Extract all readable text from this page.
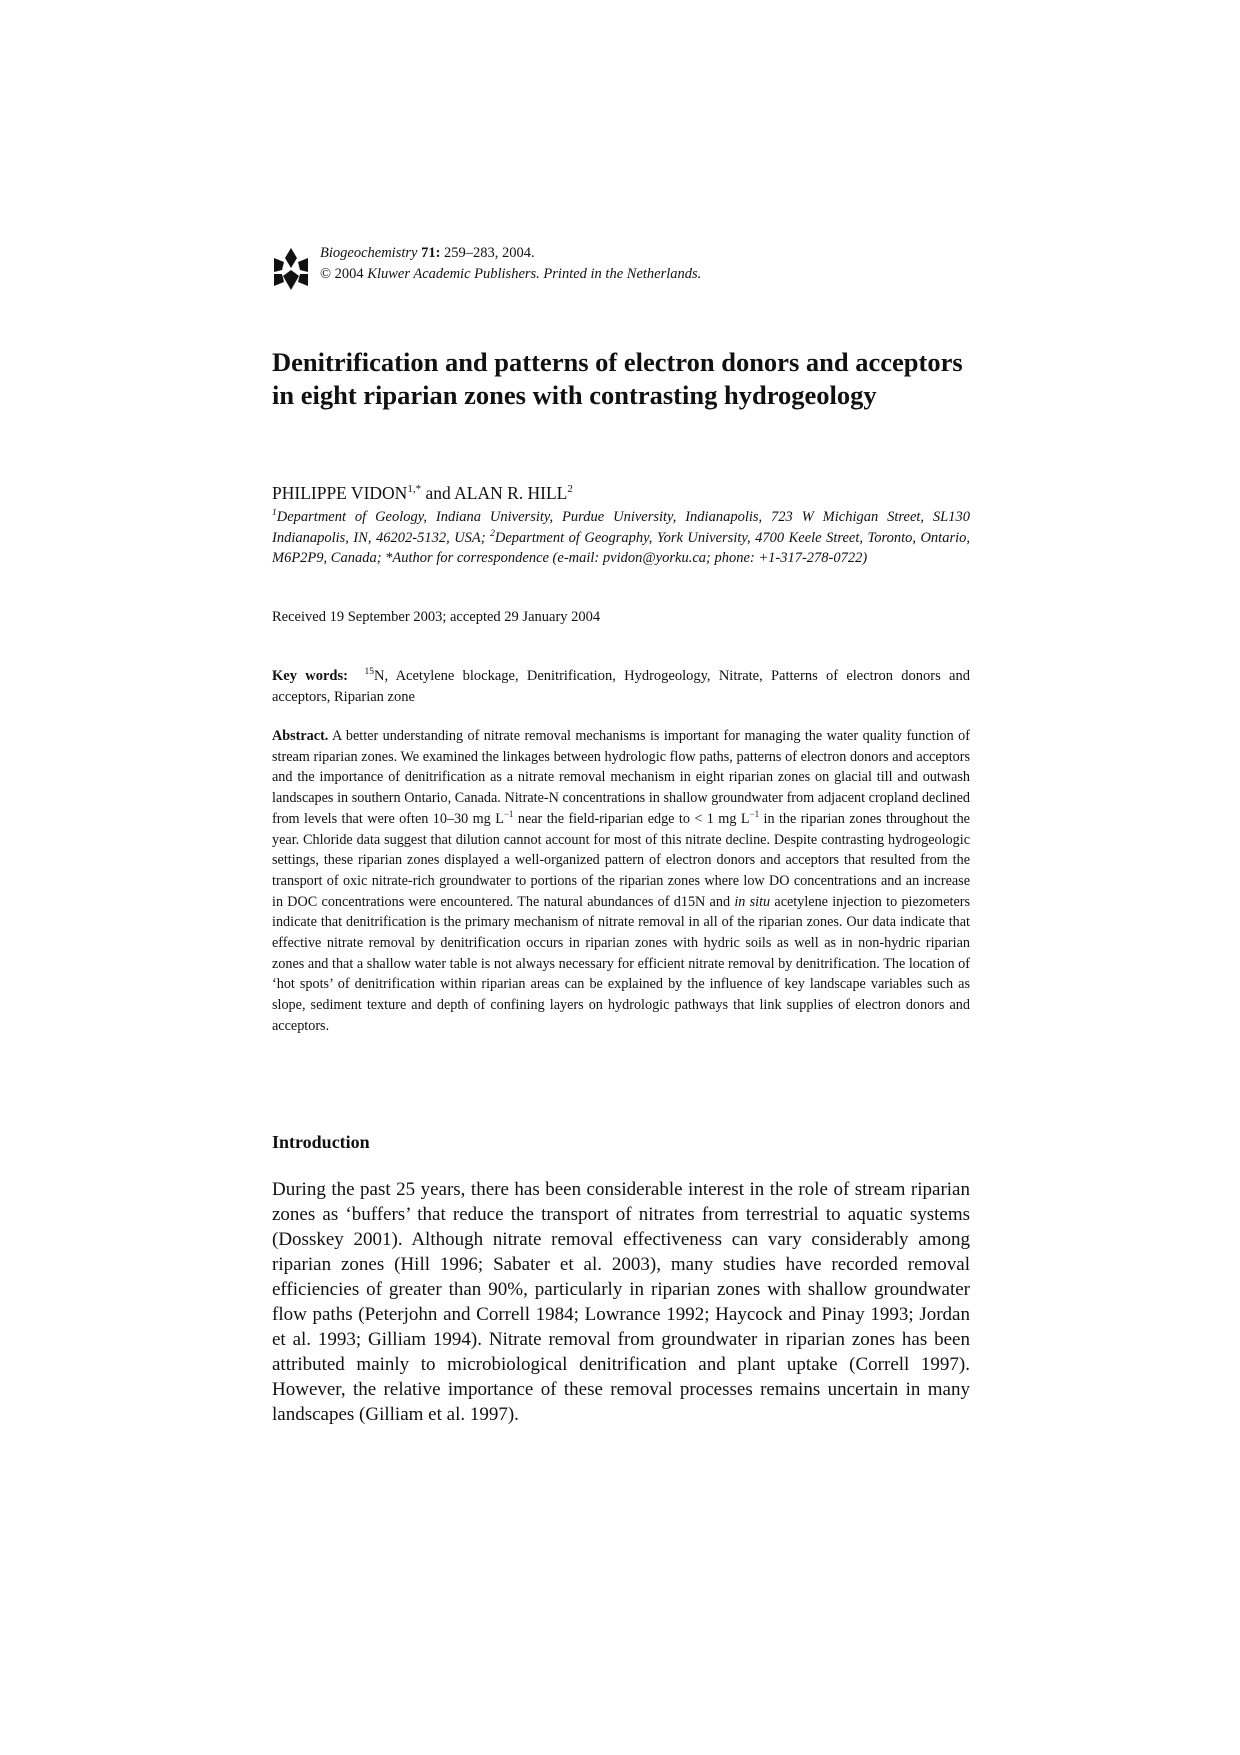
Biogeochemistry 71: 259–283, 2004.
© 2004 Kluwer Academic Publishers. Printed in the Netherlands.
Denitrification and patterns of electron donors and acceptors in eight riparian zones with contrasting hydrogeology
PHILIPPE $VIDON^{1,*}$ and ALAN R. HILL$^2$
$^1$Department of Geology, Indiana University, Purdue University, Indianapolis, 723 W Michigan Street, SL130 Indianapolis, IN, 46202-5132, USA; $^2$Department of Geography, York University, 4700 Keele Street, Toronto, Ontario, M6P2P9, Canada; *Author for correspondence (e-mail: pvidon@yorku.ca; phone: +1-317-278-0722)
Received 19 September 2003; accepted 29 January 2004
Key words: $^{15}$N, Acetylene blockage, Denitrification, Hydrogeology, Nitrate, Patterns of electron donors and acceptors, Riparian zone
Abstract. A better understanding of nitrate removal mechanisms is important for managing the water quality function of stream riparian zones. We examined the linkages between hydrologic flow paths, patterns of electron donors and acceptors and the importance of denitrification as a nitrate removal mechanism in eight riparian zones on glacial till and outwash landscapes in southern Ontario, Canada. Nitrate-N concentrations in shallow groundwater from adjacent cropland declined from levels that were often 10–30 mg $L^{-1}$ near the field-riparian edge to < 1 mg $L^{-1}$ in the riparian zones throughout the year. Chloride data suggest that dilution cannot account for most of this nitrate decline. Despite contrasting hydrogeologic settings, these riparian zones displayed a well-organized pattern of electron donors and acceptors that resulted from the transport of oxic nitrate-rich groundwater to portions of the riparian zones where low DO concentrations and an increase in DOC concentrations were encountered. The natural abundances of d15N and in situ acetylene injection to piezometers indicate that denitrification is the primary mechanism of nitrate removal in all of the riparian zones. Our data indicate that effective nitrate removal by denitrification occurs in riparian zones with hydric soils as well as in non-hydric riparian zones and that a shallow water table is not always necessary for efficient nitrate removal by denitrification. The location of ‘hot spots’ of denitrification within riparian areas can be explained by the influence of key landscape variables such as slope, sediment texture and depth of confining layers on hydrologic pathways that link supplies of electron donors and acceptors.
Introduction

During the past 25 years, there has been considerable interest in the role of stream riparian zones as ‘buffers’ that reduce the transport of nitrates from terrestrial to aquatic systems (Dosskey 2001). Although nitrate removal effectiveness can vary considerably among riparian zones (Hill 1996; Sabater et al. 2003), many studies have recorded removal efficiencies of greater than 90%, particularly in riparian zones with shallow groundwater flow paths (Peterjohn and Correll 1984; Lowrance 1992; Haycock and Pinay 1993; Jordan et al. 1993; Gilliam 1994). Nitrate removal from groundwater in riparian zones has been attributed mainly to microbiological denitrification and plant uptake (Correll 1997). However, the relative importance of these removal processes remains uncertain in many landscapes (Gilliam et al. 1997).
